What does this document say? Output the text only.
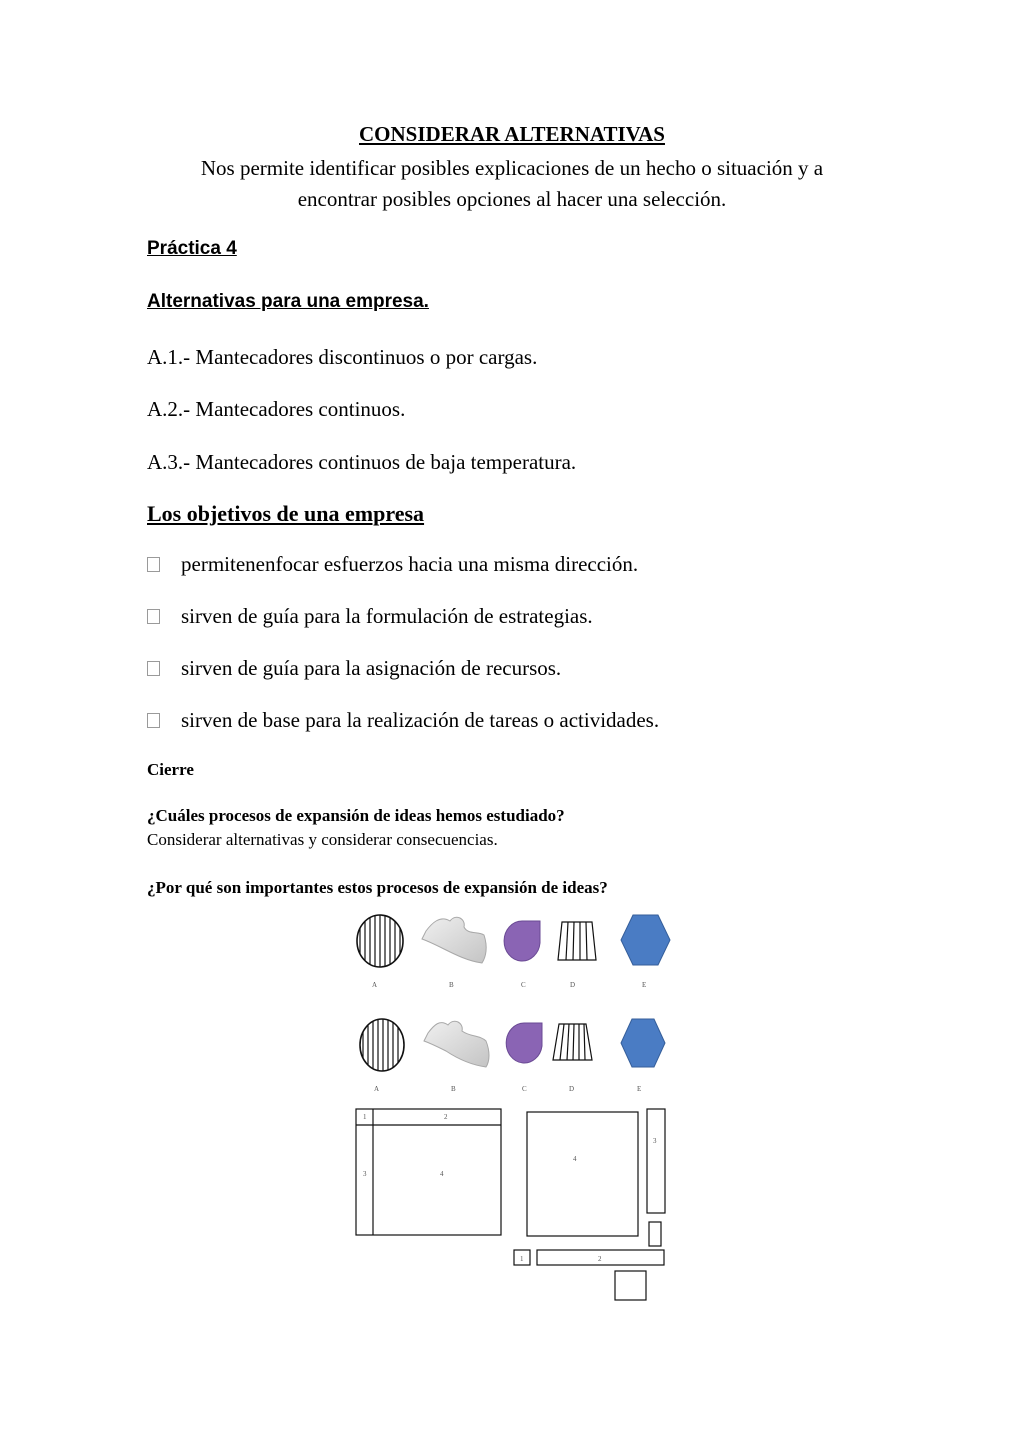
CONSIDERAR ALTERNATIVAS
Nos permite identificar posibles explicaciones de un hecho o situación y a
encontrar posibles opciones al hacer una selección.
Práctica 4
Alternativas para una empresa.
A.1.- Mantecadores discontinuos o por cargas.
A.2.- Mantecadores continuos.
A.3.- Mantecadores continuos de baja temperatura.
Los objetivos de una empresa
permitenenfocar esfuerzos hacia una misma dirección.
sirven de guía para la formulación de estrategias.
sirven de guía para la asignación de recursos.
sirven de base para la realización de tareas o actividades.
Cierre
¿Cuáles procesos de expansión de ideas hemos estudiado?
Considerar alternativas y considerar consecuencias.
¿Por qué son importantes estos procesos de expansión de ideas?
A	B	C	D	E
A	B	C	D	E
1	2
3	4
4
3
1	2
